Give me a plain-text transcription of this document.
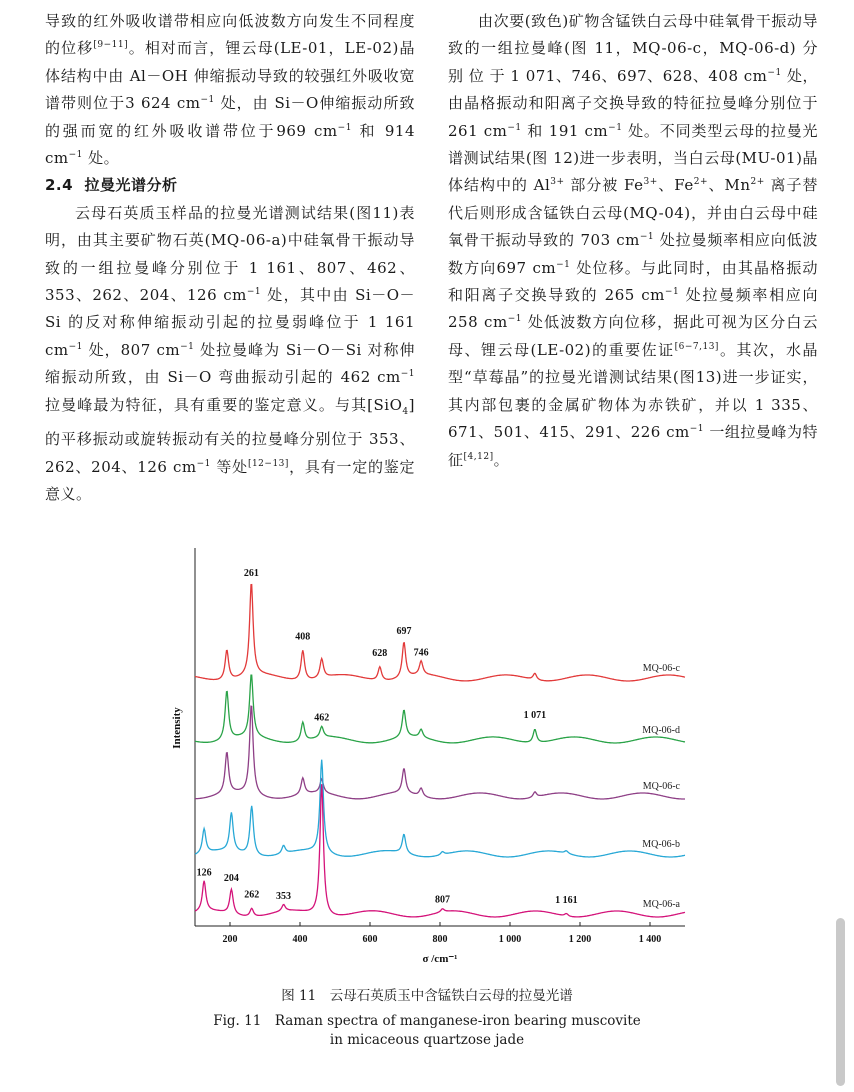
导致的红外吸收谱带相应向低波数方向发生不同程度的位移[9−11]。相对而言，锂云母(LE-01，LE-02)晶体结构中由 Al－OH 伸缩振动导致的较强红外吸收宽谱带则位于3 624 $cm^{-1}$ 处，由 Si－O伸缩振动所致的强而宽的红外吸收谱带位于969 $cm^{-1}$ 和 914 $cm^{-1}$ 处。

2.4 拉曼光谱分析

云母石英质玉样品的拉曼光谱测试结果(图11)表明，由其主要矿物石英(MQ-06-a)中硅氧骨干振动导致的一组拉曼峰分别位于 1 161、807、462、353、262、204、126 $cm^{-1}$ 处，其中由 Si－O－Si 的反对称伸缩振动引起的拉曼弱峰位于 1 161 $cm^{-1}$ 处，807 $cm^{-1}$ 处拉曼峰为 Si－O－Si 对称伸缩振动所致，由 Si－O 弯曲振动引起的 462 $cm^{-1}$ 拉曼峰最为特征，具有重要的鉴定意义。与其[SiO$_4$]的平移振动或旋转振动有关的拉曼峰分别位于 353、262、204、126 $cm^{-1}$ 等处[12−13]，具有一定的鉴定意义。

由次要(致色)矿物含锰铁白云母中硅氧骨干振动导致的一组拉曼峰(图 11，MQ-06-c，MQ-06-d) 分 别 位 于 1 071、746、697、628、408 $cm^{-1}$ 处，由晶格振动和阳离子交换导致的特征拉曼峰分别位于 261 $cm^{-1}$ 和 191 $cm^{-1}$ 处。不同类型云母的拉曼光谱测试结果(图 12)进一步表明，当白云母(MU-01)晶体结构中的 $Al^{3+}$ 部分被 $Fe^{3+}$、$Fe^{2+}$、$Mn^{2+}$ 离子替代后则形成含锰铁白云母(MQ-04)，并由白云母中硅氧骨干振动导致的 703 $cm^{-1}$ 处拉曼频率相应向低波数方向697 $cm^{-1}$ 处位移。与此同时，由其晶格振动和阳离子交换导致的 265 $cm^{-1}$ 处拉曼频率相应向258 $cm^{-1}$ 处低波数方向位移，据此可视为区分白云母、锂云母(LE-02)的重要佐证[6−7,13]。其次，水晶型“草莓晶”的拉曼光谱测试结果(图13)进一步证实，其内部包裹的金属矿物体为赤铁矿，并以 1 335、671、501、415、291、226 $cm^{-1}$ 一组拉曼峰为特征[4,12]。

MQ-06-c
MQ-06-d
MQ-06-c
MQ-06-b
MQ-06-a
261
408
628
697
746
462	1 071
126 204
262 353	807	1 161
200	400	600	800	1 000	1 200	1 400
Intensity
σ /cm⁻¹
图 11　云母石英质玉中含锰铁白云母的拉曼光谱
Fig. 11　Raman spectra of manganese-iron bearing muscovite
in micaceous quartzose jade
